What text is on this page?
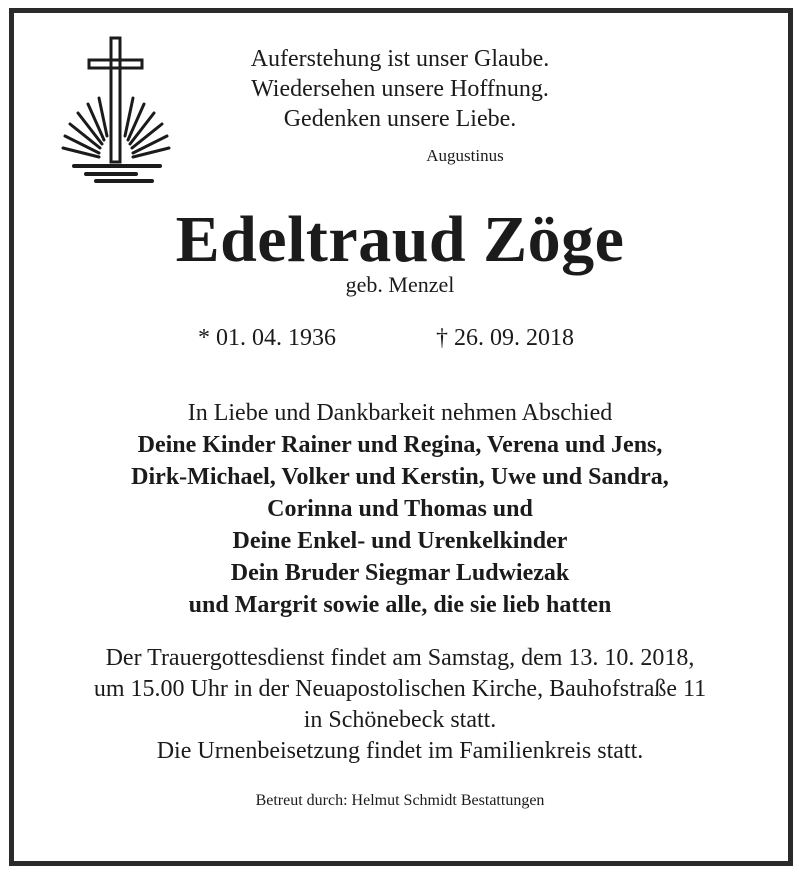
Auferstehung ist unser Glaube.
Wiedersehen unsere Hoffnung.
Gedenken unsere Liebe.
Augustinus
Edeltraud Zöge
geb. Menzel
* 01. 04. 1936	† 26. 09. 2018
In Liebe und Dankbarkeit nehmen Abschied
Deine Kinder Rainer und Regina, Verena und Jens,
Dirk-Michael, Volker und Kerstin, Uwe und Sandra,
Corinna und Thomas und
Deine Enkel- und Urenkelkinder
Dein Bruder Siegmar Ludwiezak
und Margrit sowie alle, die sie lieb hatten
Der Trauergottesdienst findet am Samstag, dem 13. 10. 2018,
um 15.00 Uhr in der Neuapostolischen Kirche, Bauhofstraße 11
in Schönebeck statt.
Die Urnenbeisetzung findet im Familienkreis statt.
Betreut durch: Helmut Schmidt Bestattungen
